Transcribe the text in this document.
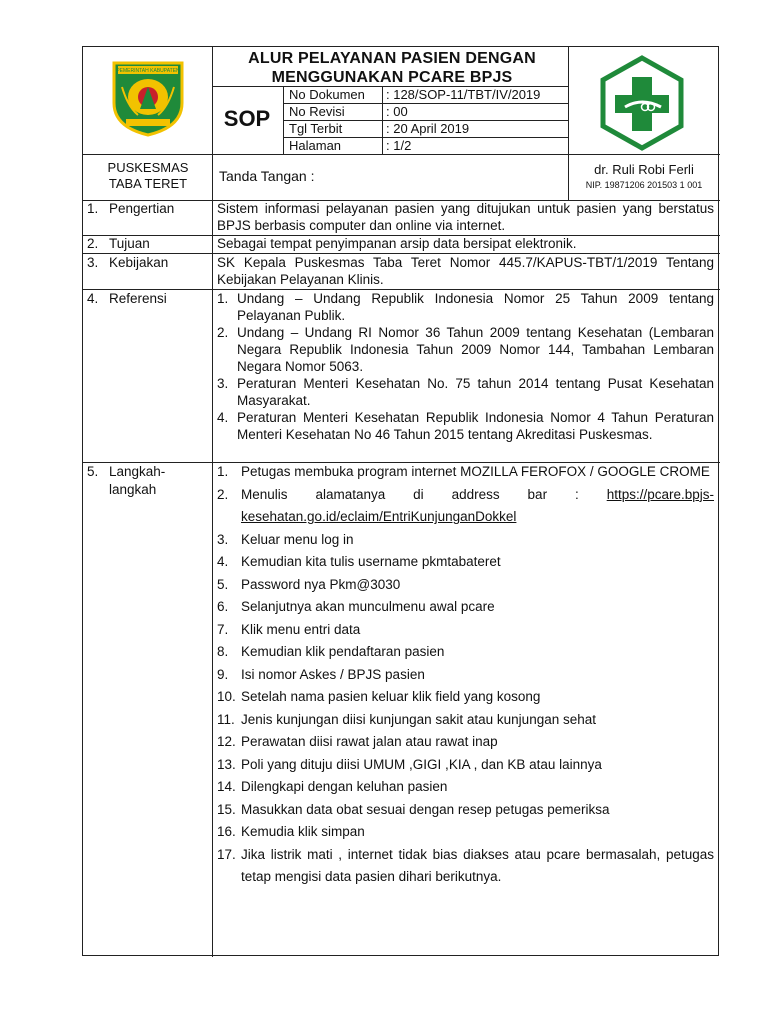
PEMERINTAH KABUPATEN
ALUR PELAYANAN PASIEN DENGAN
MENGGUNAKAN PCARE BPJS
SOP
No Dokumen : 128/SOP-11/TBT/IV/2019
No Revisi	: 00
Tgl Terbit	: 20 April 2019
Halaman	: 1/2
PUSKESMAS
TABA TERET	Tanda Tangan :	dr. Ruli Robi Ferli
NIP. 19871206 201503 1 001
1. Pengertian	Sistem informasi pelayanan pasien yang ditujukan untuk pasien yang berstatus BPJS berbasis computer dan online via internet.
2. Tujuan	Sebagai tempat penyimpanan arsip data bersipat elektronik.
3. Kebijakan	SK Kepala Puskesmas Taba Teret Nomor 445.7/KAPUS-TBT/1/2019 Tentang Kebijakan Pelayanan Klinis.
4. Referensi	1. Undang – Undang Republik Indonesia Nomor 25 Tahun 2009 tentang Pelayanan Publik.
2. Undang – Undang RI Nomor 36 Tahun 2009 tentang Kesehatan (Lembaran Negara Republik Indonesia Tahun 2009 Nomor 144, Tambahan Lembaran Negara Nomor 5063.
3. Peraturan Menteri Kesehatan No. 75 tahun 2014 tentang Pusat Kesehatan Masyarakat.
4. Peraturan Menteri Kesehatan Republik Indonesia Nomor 4 Tahun Peraturan Menteri Kesehatan No 46 Tahun 2015 tentang Akreditasi Puskesmas.
5. Langkah-
langkah
1. Petugas membuka program internet MOZILLA FEROFOX / GOOGLE CROME
2. Menulis alamatanya di address bar : https://pcare.bpjs-kesehatan.go.id/eclaim/EntriKunjunganDokkel
3. Keluar menu log in
4. Kemudian kita tulis username pkmtabateret
5. Password nya Pkm@3030
6. Selanjutnya akan munculmenu awal pcare
7. Klik menu entri data
8. Kemudian klik pendaftaran pasien
9. Isi nomor Askes / BPJS pasien
10. Setelah nama pasien keluar klik field yang kosong
11. Jenis kunjungan diisi kunjungan sakit atau kunjungan sehat
12. Perawatan diisi rawat jalan atau rawat inap
13. Poli yang dituju diisi UMUM ,GIGI ,KIA , dan KB atau lainnya
14. Dilengkapi dengan keluhan pasien
15. Masukkan data obat sesuai dengan resep petugas pemeriksa
16. Kemudia klik simpan
17. Jika listrik mati , internet tidak bias diakses atau pcare bermasalah, petugas tetap mengisi data pasien dihari berikutnya.
